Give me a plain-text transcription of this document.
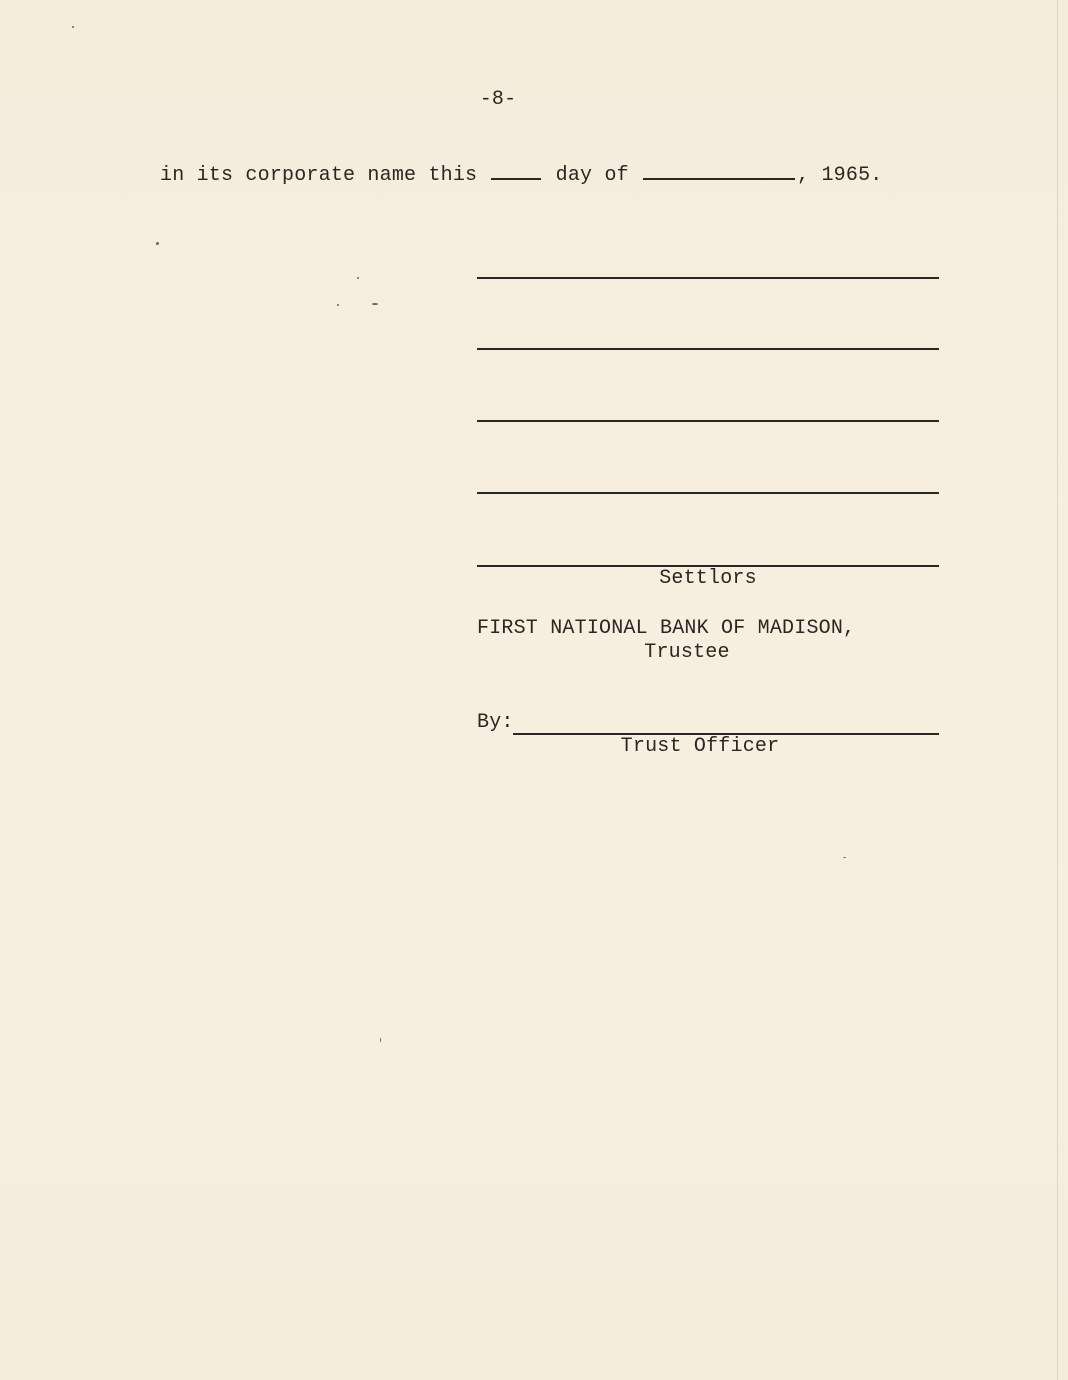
-8-
in its corporate name this	day of	, 1965.
Settlors
FIRST NATIONAL BANK OF MADISON,
Trustee
By:
Trust Officer
